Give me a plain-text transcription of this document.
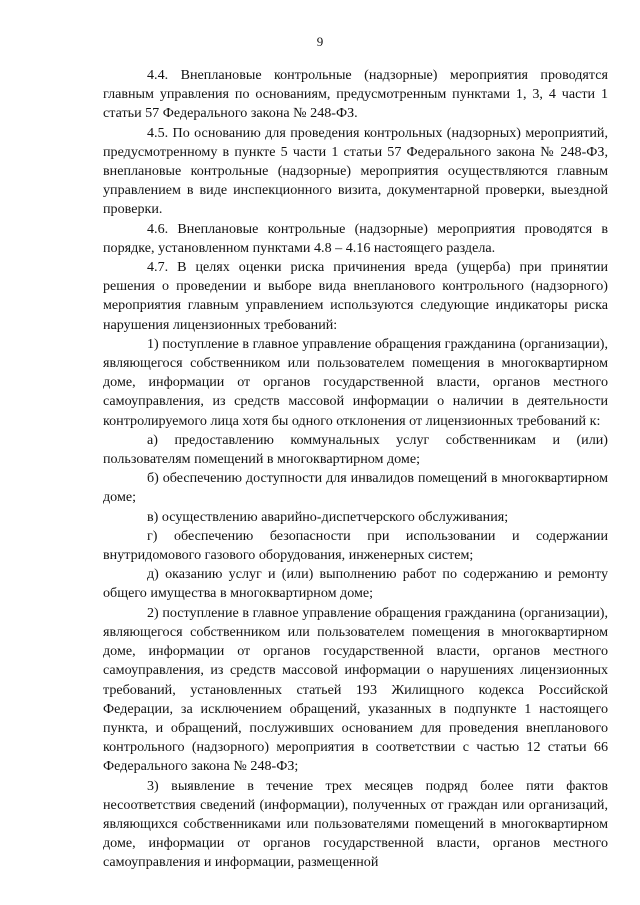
9

4.4. Внеплановые контрольные (надзорные) мероприятия проводятся главным управления по основаниям, предусмотренным пунктами 1, 3, 4 части 1 статьи 57 Федерального закона № 248-ФЗ.

4.5. По основанию для проведения контрольных (надзорных) мероприятий, предусмотренному в пункте 5 части 1 статьи 57 Федерального закона № 248-ФЗ, внеплановые контрольные (надзорные) мероприятия осуществляются главным управлением в виде инспекционного визита, документарной проверки, выездной проверки.

4.6. Внеплановые контрольные (надзорные) мероприятия проводятся в порядке, установленном пунктами 4.8 – 4.16 настоящего раздела.

4.7. В целях оценки риска причинения вреда (ущерба) при принятии решения о проведении и выборе вида внепланового контрольного (надзорного) мероприятия главным управлением используются следующие индикаторы риска нарушения лицензионных требований:

1) поступление в главное управление обращения гражданина (организации), являющегося собственником или пользователем помещения в многоквартирном доме, информации от органов государственной власти, органов местного самоуправления, из средств массовой информации о наличии в деятельности контролируемого лица хотя бы одного отклонения от лицензионных требований к:

а) предоставлению коммунальных услуг собственникам и (или) пользователям помещений в многоквартирном доме;

б) обеспечению доступности для инвалидов помещений в многоквартирном доме;

в) осуществлению аварийно-диспетчерского обслуживания;

г) обеспечению безопасности при использовании и содержании внутридомового газового оборудования, инженерных систем;

д) оказанию услуг и (или) выполнению работ по содержанию и ремонту общего имущества в многоквартирном доме;

2) поступление в главное управление обращения гражданина (организации), являющегося собственником или пользователем помещения в многоквартирном доме, информации от органов государственной власти, органов местного самоуправления, из средств массовой информации о нарушениях лицензионных требований, установленных статьей 193 Жилищного кодекса Российской Федерации, за исключением обращений, указанных в подпункте 1 настоящего пункта, и обращений, послуживших основанием для проведения внепланового контрольного (надзорного) мероприятия в соответствии с частью 12 статьи 66 Федерального закона № 248-ФЗ;

3) выявление в течение трех месяцев подряд более пяти фактов несоответствия сведений (информации), полученных от граждан или организаций, являющихся собственниками или пользователями помещений в многоквартирном доме, информации от органов государственной власти, органов местного самоуправления и информации, размещенной
